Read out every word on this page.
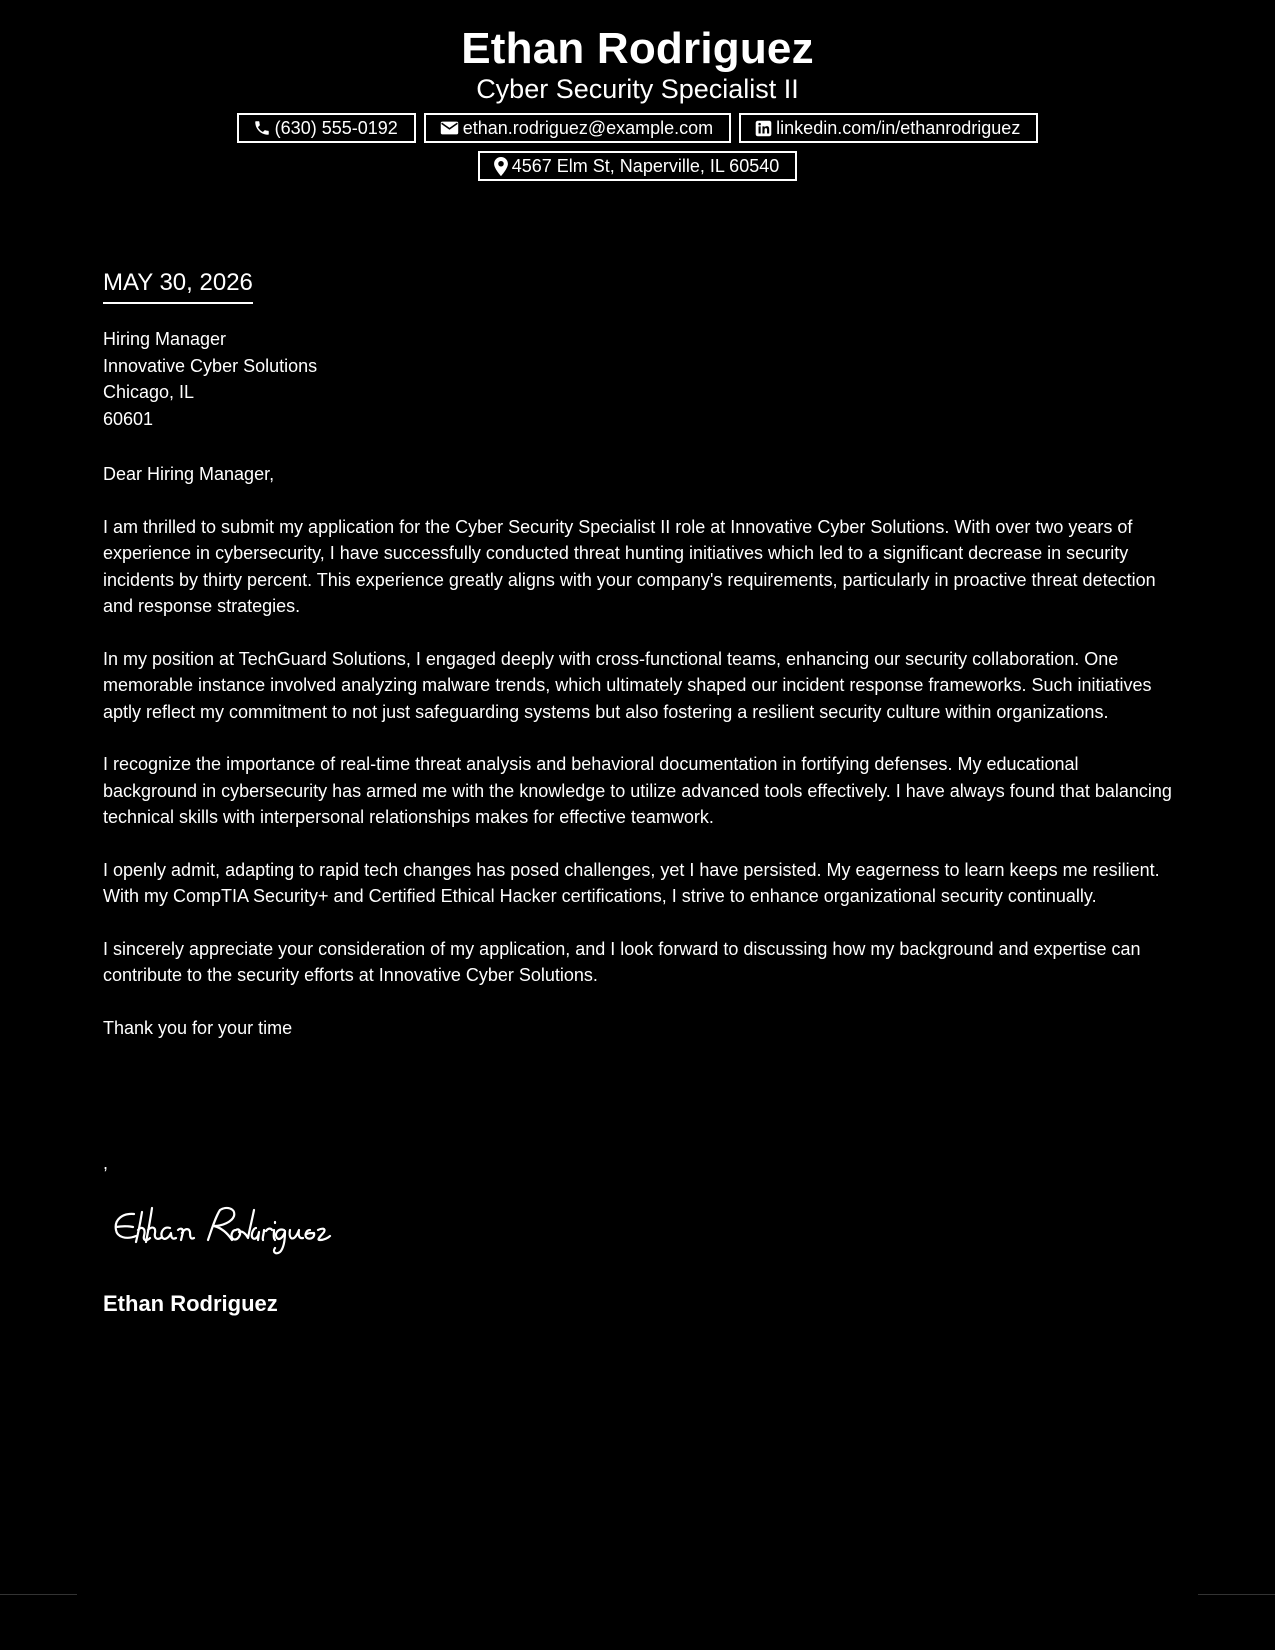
Ethan Rodriguez
Cyber Security Specialist II
(630) 555-0192	ethan.rodriguez@example.com	linkedin.com/in/ethanrodriguez
4567 Elm St, Naperville, IL 60540
MAY 30, 2026
Hiring Manager
Innovative Cyber Solutions
Chicago, IL
60601

Dear Hiring Manager,

I am thrilled to submit my application for the Cyber Security Specialist II role at Innovative Cyber Solutions. With over two years of experience in cybersecurity, I have successfully conducted threat hunting initiatives which led to a significant decrease in security incidents by thirty percent. This experience greatly aligns with your company's requirements, particularly in proactive threat detection and response strategies.

In my position at TechGuard Solutions, I engaged deeply with cross-functional teams, enhancing our security collaboration. One memorable instance involved analyzing malware trends, which ultimately shaped our incident response frameworks. Such initiatives aptly reflect my commitment to not just safeguarding systems but also fostering a resilient security culture within organizations.

I recognize the importance of real-time threat analysis and behavioral documentation in fortifying defenses. My educational background in cybersecurity has armed me with the knowledge to utilize advanced tools effectively. I have always found that balancing technical skills with interpersonal relationships makes for effective teamwork.

I openly admit, adapting to rapid tech changes has posed challenges, yet I have persisted. My eagerness to learn keeps me resilient. With my CompTIA Security+ and Certified Ethical Hacker certifications, I strive to enhance organizational security continually.

I sincerely appreciate your consideration of my application, and I look forward to discussing how my background and expertise can contribute to the security efforts at Innovative Cyber Solutions.

Thank you for your time

,
Ethan Rodriguez
